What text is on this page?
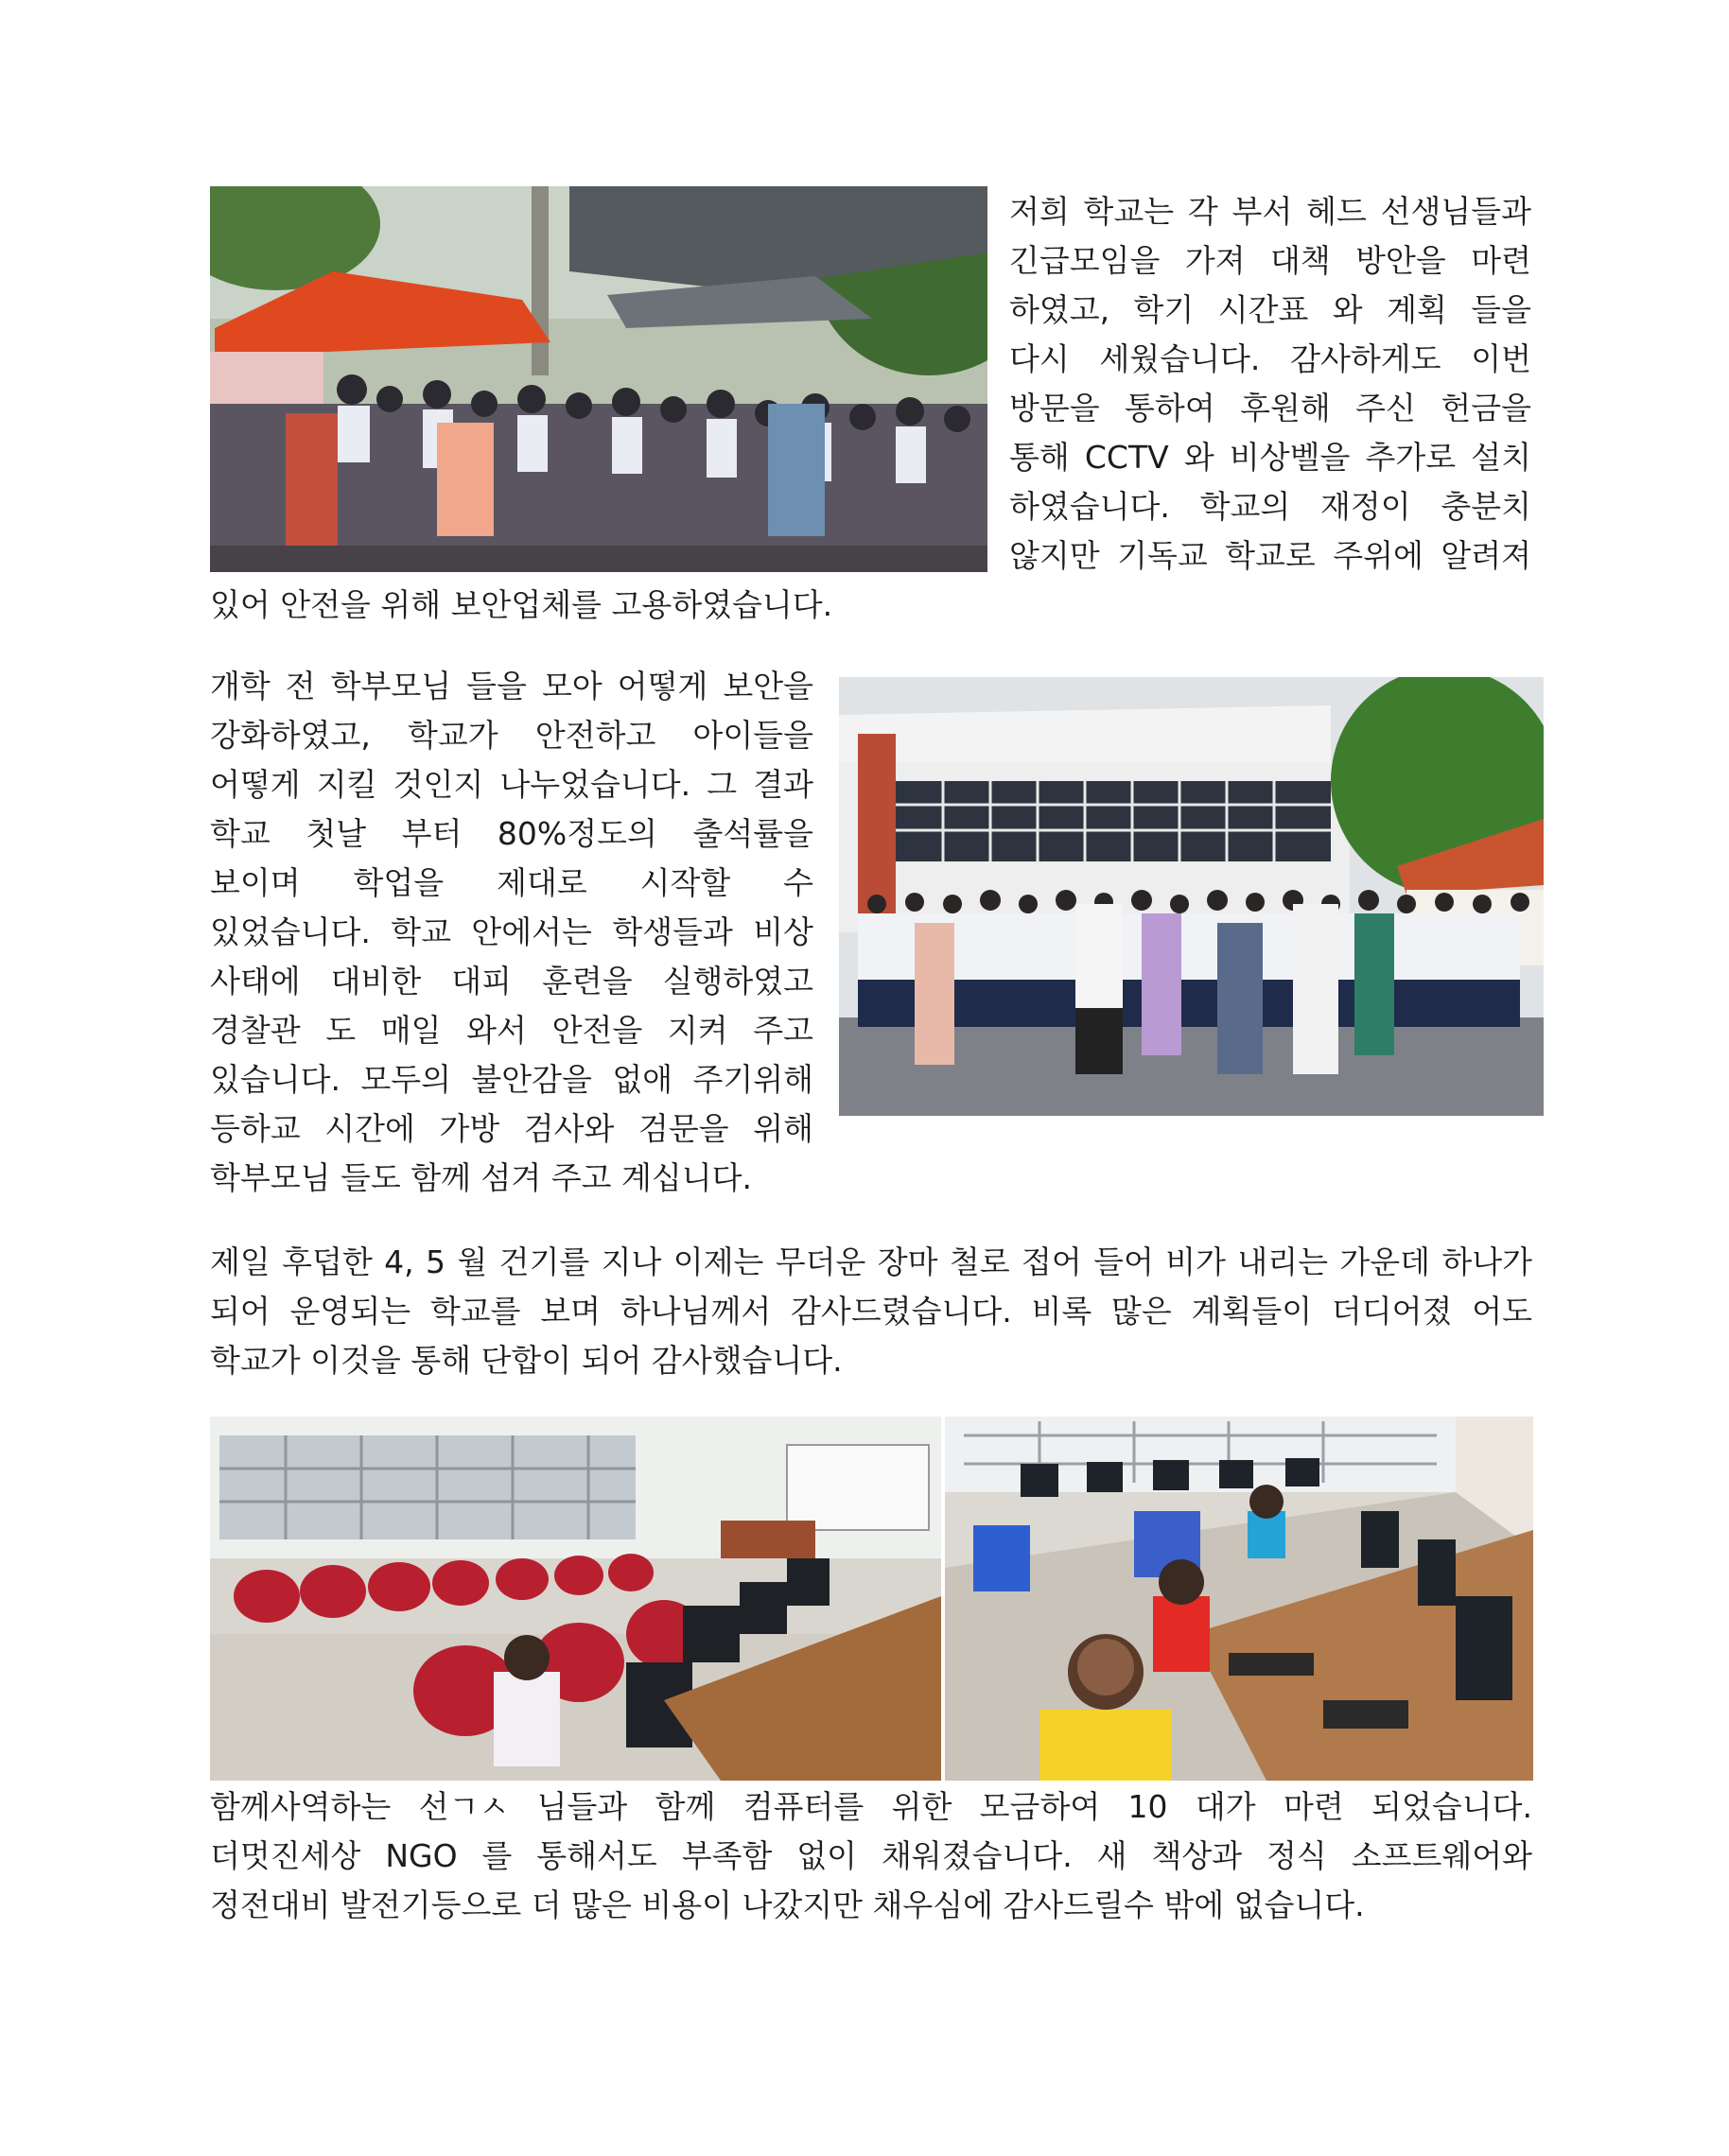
저희 학교는 각 부서 헤드 선생님들과
긴급모임을 가져 대책 방안을 마련
하였고, 학기 시간표 와 계획 들을
다시 세웠습니다. 감사하게도 이번
방문을 통하여 후원해 주신 헌금을
통해 CCTV 와 비상벨을 추가로 설치
하였습니다. 학교의 재정이 충분치
않지만 기독교 학교로 주위에 알려져
있어 안전을 위해 보안업체를 고용하였습니다.
개학 전 학부모님 들을 모아 어떻게 보안을
강화하였고, 학교가 안전하고 아이들을
어떻게 지킬 것인지 나누었습니다. 그 결과
학교 첫날 부터 80%정도의 출석률을
보이며 학업을 제대로 시작할 수
있었습니다. 학교 안에서는 학생들과 비상
사태에 대비한 대피 훈련을 실행하였고
경찰관 도 매일 와서 안전을 지켜 주고
있습니다. 모두의 불안감을 없애 주기위해
등하교 시간에 가방 검사와 검문을 위해
학부모님 들도 함께 섬겨 주고 계십니다.
제일 후덥한 4, 5 월 건기를 지나 이제는 무더운 장마 철로 접어 들어 비가 내리는 가운데 하나가
되어 운영되는 학교를 보며 하나님께서 감사드렸습니다. 비록 많은 계획들이 더디어졌 어도
학교가 이것을 통해 단합이 되어 감사했습니다.
함께사역하는 선ㄱㅅ 님들과 함께 컴퓨터를 위한 모금하여 10 대가 마련 되었습니다.
더멋진세상 NGO 를 통해서도 부족함 없이 채워졌습니다. 새 책상과 정식 소프트웨어와
정전대비 발전기등으로 더 많은 비용이 나갔지만 채우심에 감사드릴수 밖에 없습니다.
